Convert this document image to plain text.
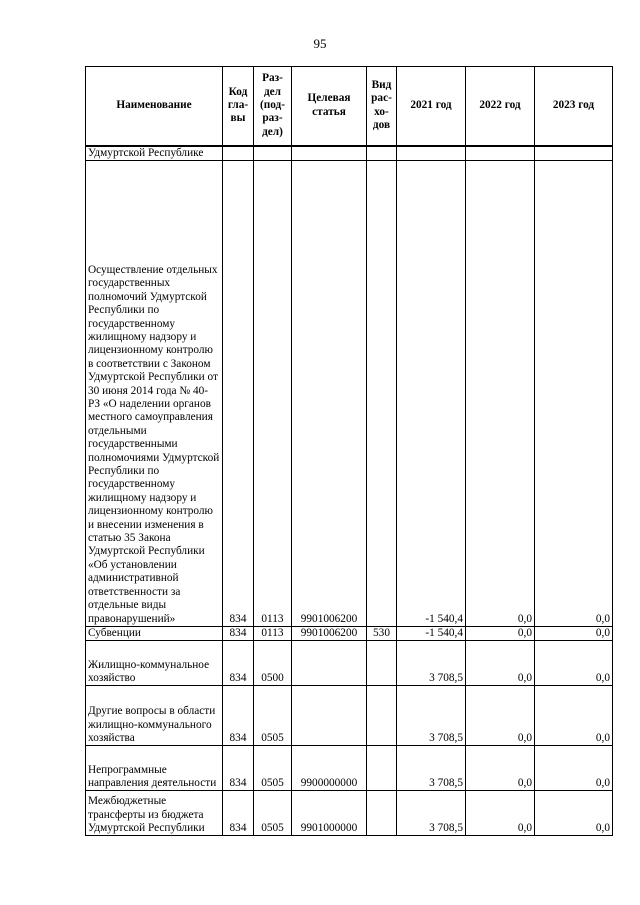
95
Наименование	Код гла-вы	Раз-дел (под-раз-дел)	Целевая статья	Вид рас-хо-дов	2021 год	2022 год	2023 год
Удмуртской Республике							
Осуществление отдельных государственных полномочий Удмуртской Республики по государственному жилищному надзору и лицензионному контролю в соответствии с Законом Удмуртской Республики от 30 июня 2014 года № 40-РЗ «О наделении органов местного самоуправления отдельными государственными полномочиями Удмуртской Республики по государственному жилищному надзору и лицензионному контролю и внесении изменения в статью 35 Закона Удмуртской Республики «Об установлении административной ответственности за отдельные виды правонарушений»	834	0113	9901006200		-1 540,4	0,0	0,0
Субвенции	834	0113	9901006200	530	-1 540,4	0,0	0,0
Жилищно-коммунальное хозяйство	834	0500			3 708,5	0,0	0,0
Другие вопросы в области жилищно-коммунального хозяйства	834	0505			3 708,5	0,0	0,0
Непрограммные направления деятельности	834	0505	9900000000		3 708,5	0,0	0,0
Межбюджетные трансферты из бюджета Удмуртской Республики	834	0505	9901000000		3 708,5	0,0	0,0
